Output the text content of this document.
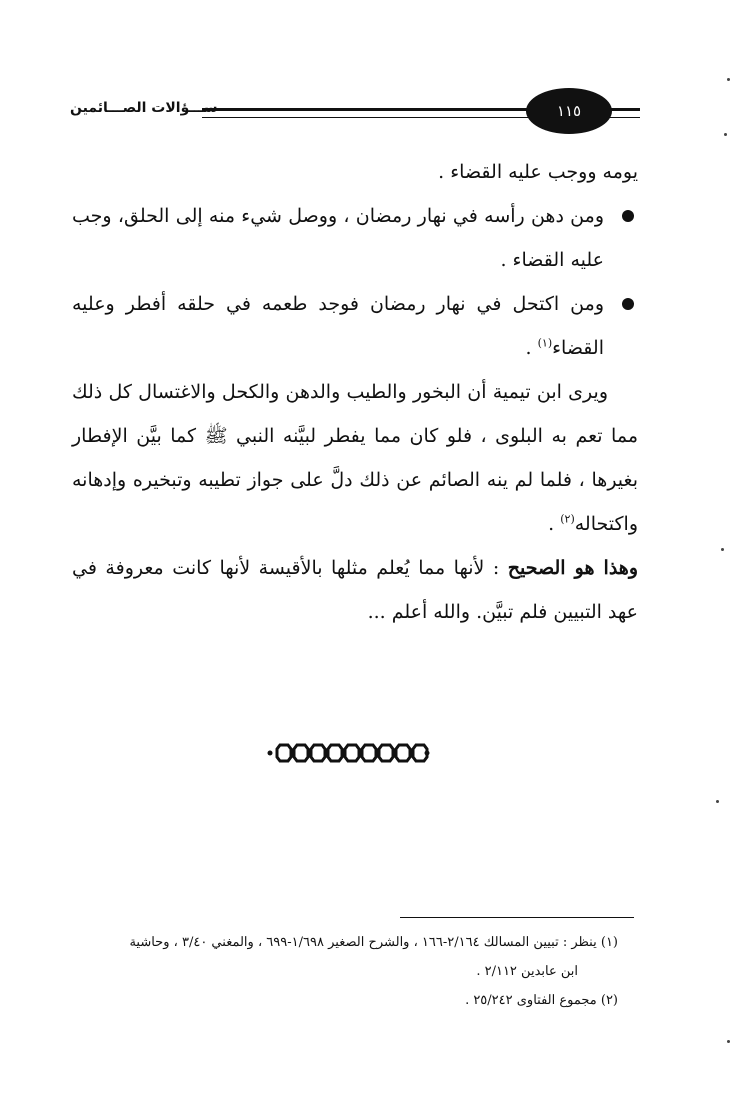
ســـؤالات الصـــائمين	١١٥

يومه ووجب عليه القضاء .

ومن دهن رأسه في نهار رمضان ، ووصل شيء منه إلى الحلق، وجب عليه القضاء .

ومن اكتحل في نهار رمضان فوجد طعمه في حلقه أفطر وعليه القضاء$^{(١)}$ .

ويرى ابن تيمية أن البخور والطيب والدهن والكحل والاغتسال كل ذلك مما تعم به البلوى ، فلو كان مما يفطر لبيَّنه النبي ﷺ كما بيَّن الإفطار بغيرها ، فلما لم ينه الصائم عن ذلك دلَّ على جواز تطيبه وتبخيره وإدهانه واكتحاله$^{(٢)}$ .

وهذا هو الصحيح : لأنها مما يُعلم مثلها بالأقيسة لأنها كانت معروفة في عهد التبيين فلم تبيَّن. والله أعلم ...

(١) ينظر : تبيين المسالك ٢/١٦٤-١٦٦ ، والشرح الصغير ١/٦٩٨-٦٩٩ ، والمغني ٣/٤٠ ، وحاشية

ابن عابدين ٢/١١٢ .

(٢) مجموع الفتاوى ٢٥/٢٤٢ .
